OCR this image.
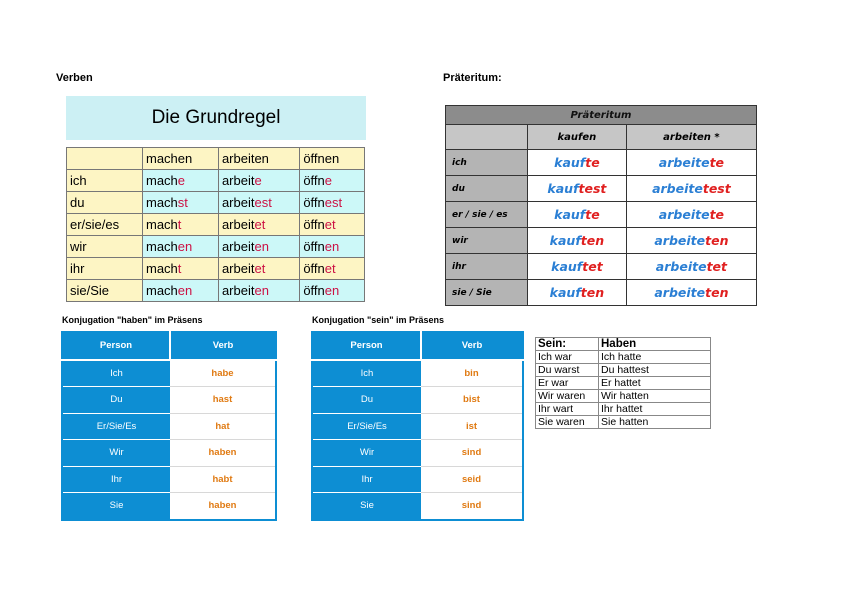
Verben	Präteritum:
Die Grundregel
	machen	arbeiten	öffnen
ich	mache	arbeite	öffne
du	machst	arbeitest	öffnest
er/sie/es	macht	arbeitet	öffnet
wir	machen	arbeiten	öffnen
ihr	macht	arbeitet	öffnet
sie/Sie	machen	arbeiten	öffnen
Präteritum		
	kaufen	arbeiten *
ich	kaufte	arbeitete
du	kauftest	arbeitetest
er / sie / es	kaufte	arbeitete
wir	kauften	arbeiteten
ihr	kauftet	arbeitetet
sie / Sie	kauften	arbeiteten
Konjugation "haben" im Präsens	Konjugation "sein" im Präsens
Person	Verb
Ich	habe
Du	hast
Er/Sie/Es	hat
Wir	haben
Ihr	habt
Sie	haben
Person	Verb
Ich	bin
Du	bist
Er/Sie/Es	ist
Wir	sind
Ihr	seid
Sie	sind
Sein:	Haben
Ich war	Ich hatte
Du warst	Du hattest
Er war	Er hattet
Wir waren	Wir hatten
Ihr wart	Ihr hattet
Sie waren	Sie hatten
